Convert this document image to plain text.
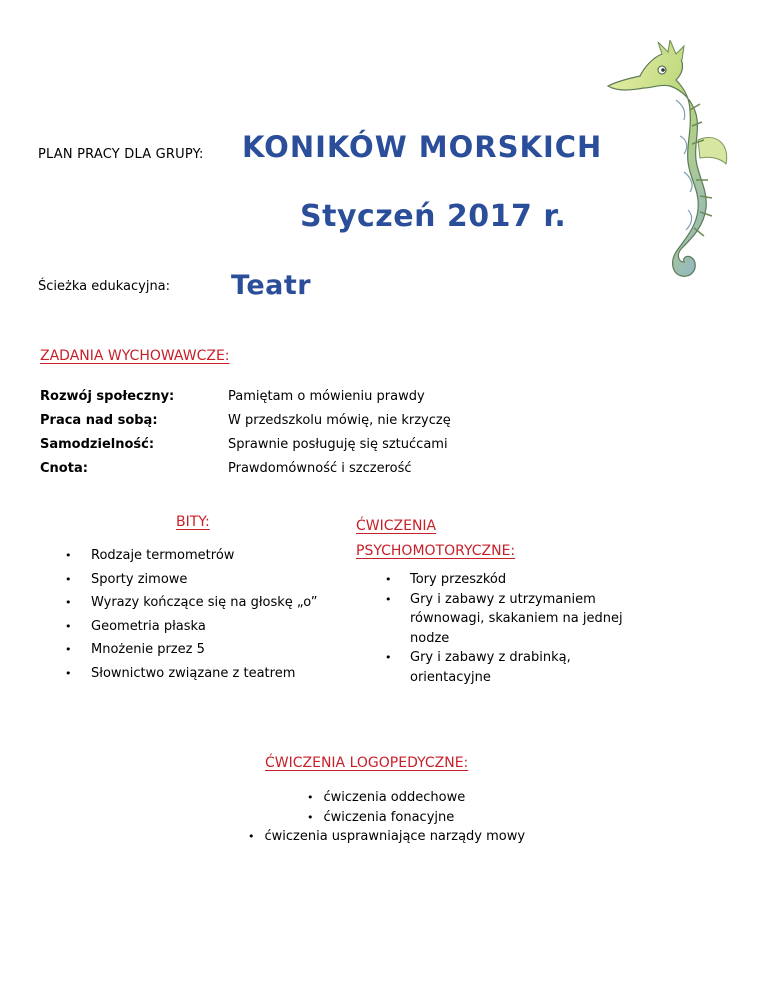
PLAN PRACY DLA GRUPY: KONIKÓW MORSKICH
Styczeń 2017 r.
Ścieżka edukacyjna: Teatr
ZADANIA WYCHOWAWCZE:
Rozwój społeczny:	Pamiętam o mówieniu prawdy
Praca nad sobą:	W przedszkolu mówię, nie krzyczę
Samodzielność:	Sprawnie posługuję się sztućcami
Cnota:	Prawdomówność i szczerość
BITY:
• Rodzaje termometrów
• Sporty zimowe
• Wyrazy kończące się na głoskę „o”
• Geometria płaska
• Mnożenie przez 5
• Słownictwo związane z teatrem
ĆWICZENIA
PSYCHOMOTORYCZNE:
• Tory przeszkód
• Gry i zabawy z utrzymaniem równowagi, skakaniem na jednej nodze
• Gry i zabawy z drabinką, orientacyjne
ĆWICZENIA LOGOPEDYCZNE:
• ćwiczenia oddechowe
• ćwiczenia fonacyjne
• ćwiczenia usprawniające narządy mowy
